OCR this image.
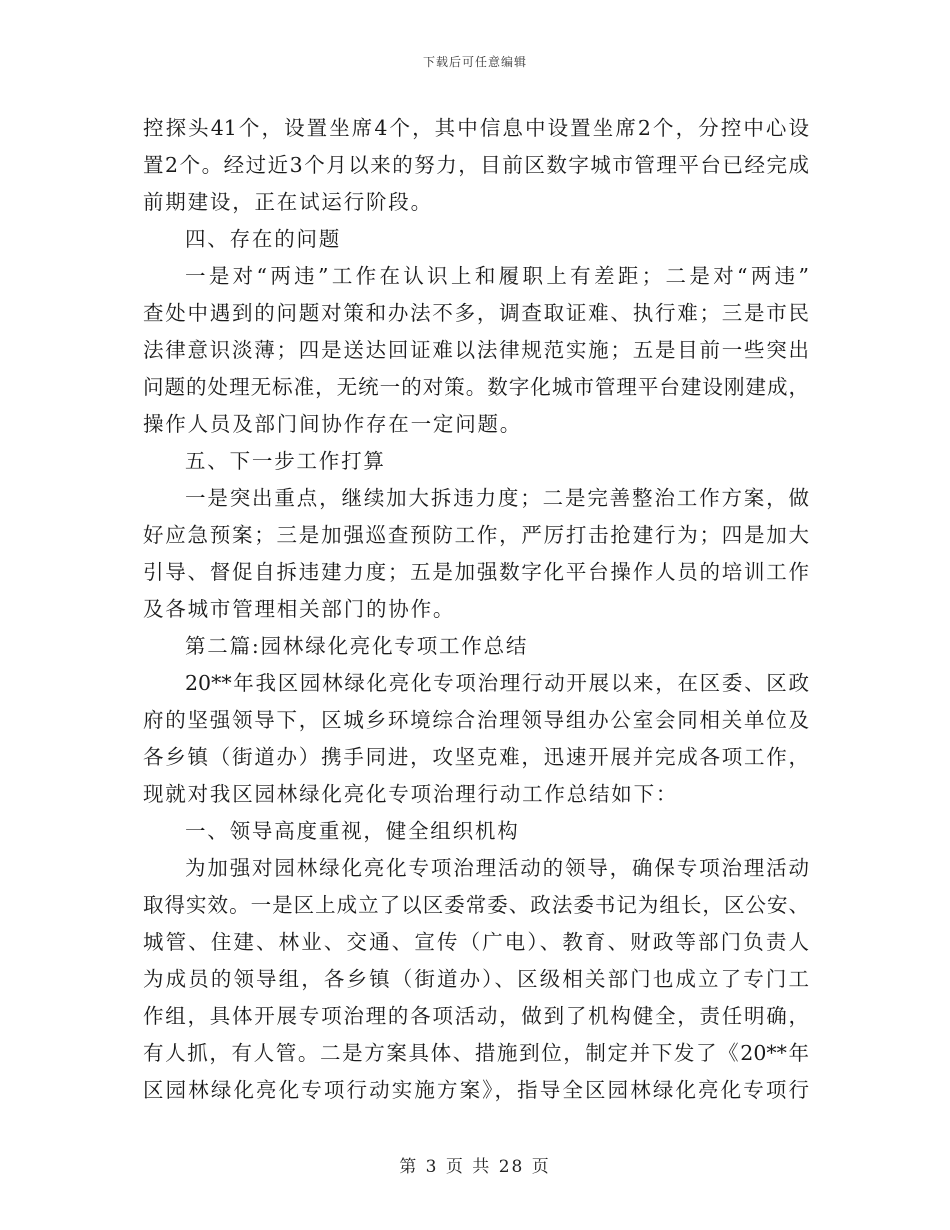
下载后可任意编辑
控探头41个，设置坐席4个，其中信息中设置坐席2个，分控中心设
置2个。经过近3个月以来的努力，目前区数字城市管理平台已经完成
前期建设，正在试运行阶段。
四、存在的问题
一是对“两违”工作在认识上和履职上有差距；二是对“两违”
查处中遇到的问题对策和办法不多，调查取证难、执行难；三是市民
法律意识淡薄；四是送达回证难以法律规范实施；五是目前一些突出
问题的处理无标准，无统一的对策。数字化城市管理平台建设刚建成，
操作人员及部门间协作存在一定问题。
五、下一步工作打算
一是突出重点，继续加大拆违力度；二是完善整治工作方案，做
好应急预案；三是加强巡查预防工作，严厉打击抢建行为；四是加大
引导、督促自拆违建力度；五是加强数字化平台操作人员的培训工作
及各城市管理相关部门的协作。
第二篇:园林绿化亮化专项工作总结
20**年我区园林绿化亮化专项治理行动开展以来，在区委、区政
府的坚强领导下，区城乡环境综合治理领导组办公室会同相关单位及
各乡镇（街道办）携手同进，攻坚克难，迅速开展并完成各项工作，
现就对我区园林绿化亮化专项治理行动工作总结如下：
一、领导高度重视，健全组织机构
为加强对园林绿化亮化专项治理活动的领导，确保专项治理活动
取得实效。一是区上成立了以区委常委、政法委书记为组长，区公安、
城管、住建、林业、交通、宣传（广电）、教育、财政等部门负责人
为成员的领导组，各乡镇（街道办）、区级相关部门也成立了专门工
作组，具体开展专项治理的各项活动，做到了机构健全，责任明确，
有人抓，有人管。二是方案具体、措施到位，制定并下发了《20**年
区园林绿化亮化专项行动实施方案》，指导全区园林绿化亮化专项行
第 3 页 共 28 页
